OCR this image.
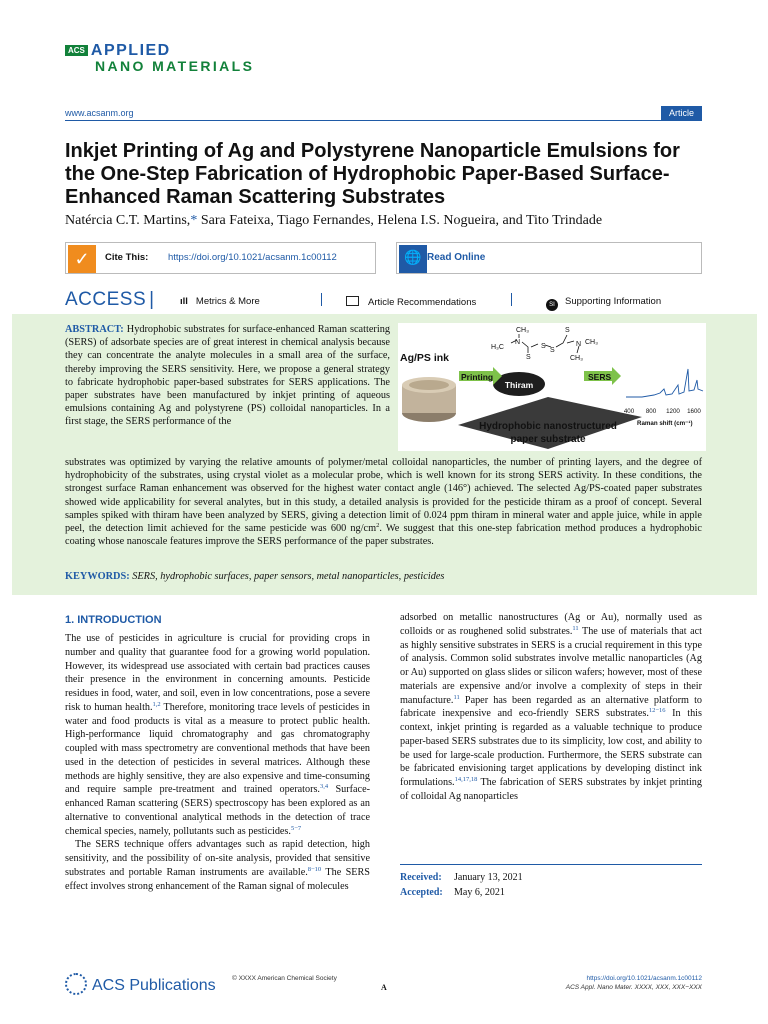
ACS APPLIED
NANO MATERIALS
www.acsanm.org	Article
Inkjet Printing of Ag and Polystyrene Nanoparticle Emulsions for the One-Step Fabrication of Hydrophobic Paper-Based Surface-Enhanced Raman Scattering Substrates
Natércia C.T. Martins,* Sara Fateixa, Tiago Fernandes, Helena I.S. Nogueira, and Tito Trindade
✓	Cite This: https://doi.org/10.1021/acsanm.1c00112	🌐 Read Online
ACCESS |	ıll Metrics & More	Article Recommendations	SI Supporting Information
ABSTRACT: Hydrophobic substrates for surface-enhanced Raman scattering (SERS) of adsorbate species are of great interest in chemical analysis because they can concentrate the analyte molecules in a small area of the surface, thereby improving the SERS sensitivity. Here, we propose a general strategy to fabricate hydrophobic paper-based substrates for SERS applications. The paper substrates have been manufactured by inkjet printing of aqueous emulsions containing Ag and polystyrene (PS) colloidal nanoparticles. In a first stage, the SERS performance of the
substrates was optimized by varying the relative amounts of polymer/metal colloidal nanoparticles, the number of printing layers, and the degree of hydrophobicity of the substrates, using crystal violet as a molecular probe, which is well known for its strong SERS activity. In these conditions, the strongest surface Raman enhancement was observed for the highest water contact angle (146°) achieved. The selected Ag/PS-coated paper substrates showed wide applicability for several analytes, but in this study, a detailed analysis is provided for the pesticide thiram as a proof of concept. Several samples spiked with thiram have been analyzed by SERS, giving a detection limit of 0.024 ppm thiram in mineral water and apple juice, while in apple peel, the detection limit achieved for the same pesticide was 600 $ng/cm^2$. We suggest that this one-step fabrication method produces a hydrophobic coating whose nanoscale features improve the SERS performance of the paper substrates.
CH₃
H₃C
N
S
S
S
S
N CH₃
CH₃
Ag/PS ink
Thiram
Printing	SERS
400 800 1200 1600
Raman shift (cm⁻¹)
Hydrophobic nanostructured
paper substrate
KEYWORDS: SERS, hydrophobic surfaces, paper sensors, metal nanoparticles, pesticides
1. INTRODUCTION

The use of pesticides in agriculture is crucial for providing crops in number and quality that guarantee food for a growing world population. However, its widespread use associated with certain bad practices causes their presence in the environment in concerning amounts. Pesticide residues in food, water, and soil, even in low concentrations, pose a severe risk to human health.$^{1,2}$ Therefore, monitoring trace levels of pesticides in water and food products is vital as a measure to protect public health. High-performance liquid chromatography and gas chromatography coupled with mass spectrometry are conventional methods that have been used in the detection of pesticides in several matrices. Although these methods are highly sensitive, they are also expensive and time-consuming and require sample pre-treatment and trained operators.$^{3,4}$ Surface-enhanced Raman scattering (SERS) spectroscopy has been explored as an alternative to conventional analytical methods in the detection of trace chemical species, namely, pollutants such as pesticides.$^{5-7}$

The SERS technique offers advantages such as rapid detection, high sensitivity, and the possibility of on-site analysis, provided that sensitive substrates and portable Raman instruments are available.$^{8-10}$ The SERS effect involves strong enhancement of the Raman signal of molecules

adsorbed on metallic nanostructures (Ag or Au), normally used as colloids or as roughened solid substrates.$^{11}$ The use of materials that act as highly sensitive substrates in SERS is a crucial requirement in this type of analysis. Common solid substrates involve metallic nanoparticles (Ag or Au) supported on glass slides or silicon wafers; however, most of these materials are expensive and/or involve a complexity of steps in their manufacture.$^{11}$ Paper has been regarded as an alternative platform to fabricate inexpensive and eco-friendly SERS substrates.$^{12-16}$ In this context, inkjet printing is regarded as a valuable technique to produce paper-based SERS substrates due to its simplicity, low cost, and ability to be used for large-scale production. Furthermore, the SERS substrate can be fabricated envisioning target applications by developing distinct ink formulations.$^{14,17,18}$ The fabrication of SERS substrates by inkjet printing of colloidal Ag nanoparticles

Received: January 13, 2021
Accepted: May 6, 2021
ACS Publications	© XXXX American Chemical Society
A
https://doi.org/10.1021/acsanm.1c00112
ACS Appl. Nano Mater. XXXX, XXX, XXX−XXX
